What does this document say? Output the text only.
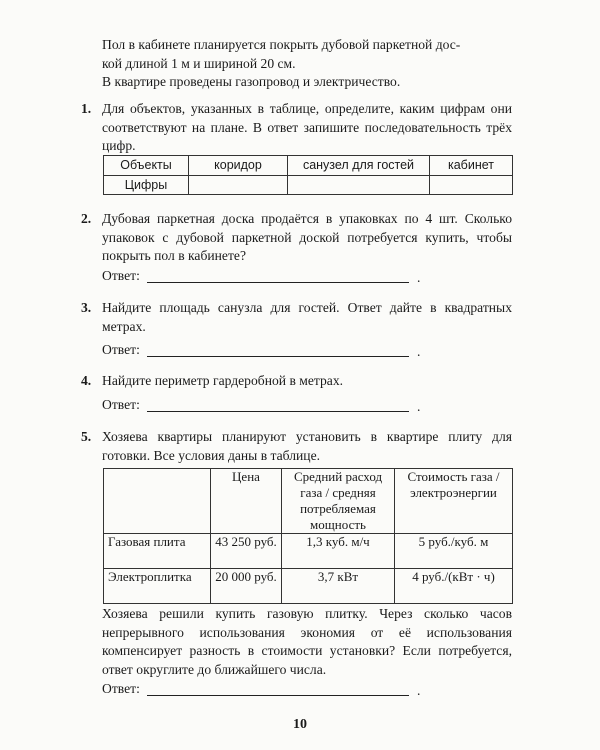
Пол в кабинете планируется покрыть дубовой паркетной дос-
кой длиной 1 м и шириной 20 см.
В квартире проведены газопровод и электричество.
1. Для объектов, указанных в таблице, определите, каким цифрам они соответствуют на плане. В ответ запишите последовательность трёх цифр.
Объекты	коридор	санузел для гостей	кабинет
Цифры			
2. Дубовая паркетная доска продаётся в упаковках по 4 шт. Сколько упаковок с дубовой паркетной доской потребуется купить, чтобы покрыть пол в кабинете?
Ответ:	.
3. Найдите площадь санузла для гостей. Ответ дайте в квадратных метрах.
Ответ:	.
4. Найдите периметр гардеробной в метрах.
Ответ:	.
5. Хозяева квартиры планируют установить в квартире плиту для готовки. Все условия даны в таблице.
	Цена	Средний расход газа / средняя потребляемая мощность	Стоимость газа / электроэнергии
Газовая плита	43 250 руб.	1,3 куб. м/ч	5 руб./куб. м
Электроплитка	20 000 руб.	3,7 кВт	4 руб./(кВт · ч)
Хозяева решили купить газовую плитку. Через сколько часов непрерывного использования экономия от её использования компенсирует разность в стоимости установки? Если потребуется, ответ округлите до ближайшего числа.
Ответ:	.
10
